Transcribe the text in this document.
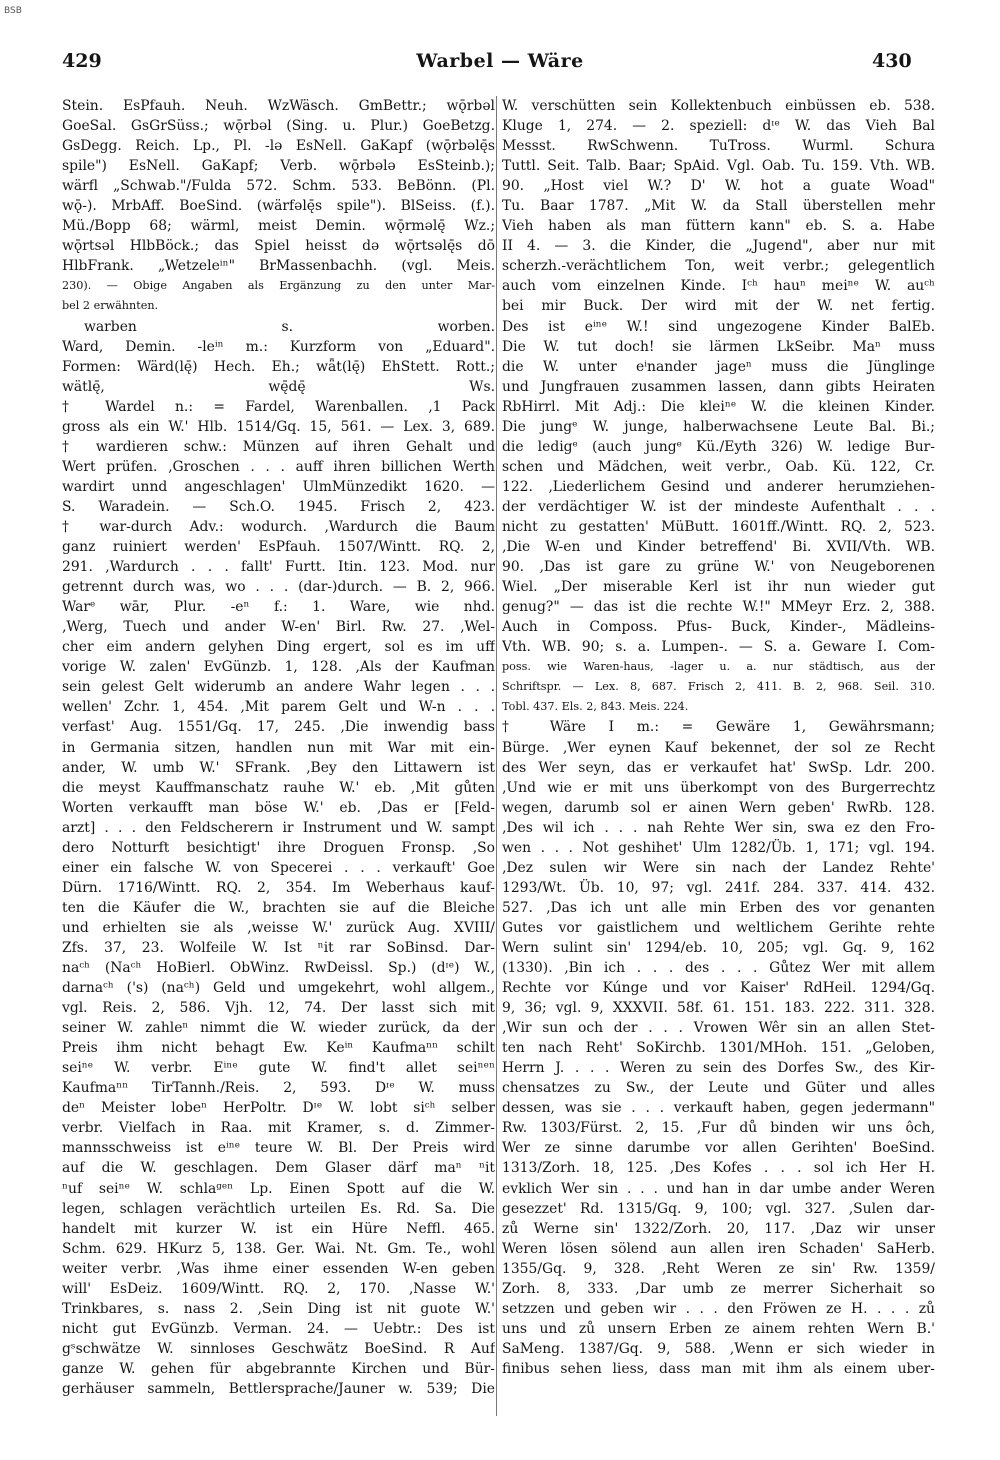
BSB
429	Warbel — Wäre	430
Stein. EsPfauh. Neuh. WzWäsch. GmBettr.; wǭrbəl
GoeSal. GsGrSüss.; wǭrbəl (Sing. u. Plur.) GoeBetzg.
GsDegg. Reich. Lp., Pl. -lə EsNell. GaKapf (wǭrbəlę̄s
spile") EsNell. GaKapf; Verb. wǭrbələ EsSteinb.);
wärfl „Schwab."/Fulda 572. Schm. 533. BeBönn. (Pl.
wǭ-). MrbAff. BoeSind. (wärfəlę̄s spile"). BlSeiss. (f.).
Mü./Bopp 68; wärml, meist Demin. wǭrməlę̄ Wz.;
wǭrtsəl HlbBöck.; das Spiel heisst də wǭrtsəlę̄s dō
HlbFrank. „Wetzeleⁱⁿ" BrMassenbachh. (vgl. Meis.
230). — Obige Angaben als Ergänzung zu den unter Mar-
bel 2 erwähnten.
warben s. worben.
Ward, Demin. -leⁱⁿ m.: Kurzform von „Eduard".
Formen: Wärd(lę̄) Hech. Eh.; wǟt(lę̄) EhStett. Rott.;
wätlę̄, wę̄dę̄ Ws.
† Wardel n.: = Fardel, Warenballen. ‚1 Pack
gross als ein W.' Hlb. 1514/Gq. 15, 561. — Lex. 3, 689.
† wardieren schw.: Münzen auf ihren Gehalt und
Wert prüfen. ‚Groschen . . . auff ihren billichen Werth
wardirt unnd angeschlagen' UlmMünzedikt 1620. —
S. Waradein. — Sch.O. 1945. Frisch 2, 423.
† war-durch Adv.: wodurch. ‚Wardurch die Baum
ganz ruiniert werden' EsPfauh. 1507/Wintt. RQ. 2,
291. ‚Wardurch . . . fallt' Furtt. Itin. 123. Mod. nur
getrennt durch was, wo . . . (dar-)durch. — B. 2, 966.
Warᵉ wār, Plur. -eⁿ f.: 1. Ware, wie nhd.
‚Werg, Tuech und ander W-en' Birl. Rw. 27. ‚Wel-
cher eim andern gelyhen Ding ergert, sol es im uff
vorige W. zalen' EvGünzb. 1, 128. ‚Als der Kaufman
sein gelest Gelt widerumb an andere Wahr legen . . .
wellen' Zchr. 1, 454. ‚Mit parem Gelt und W-n . . .
verfast' Aug. 1551/Gq. 17, 245. ‚Die inwendig bass
in Germania sitzen, handlen nun mit War mit ein-
ander, W. umb W.' SFrank. ‚Bey den Littawern ist
die meyst Kauffmanschatz rauhe W.' eb. ‚Mit gůten
Worten verkaufft man böse W.' eb. ‚Das er [Feld-
arzt] . . . den Feldscherern ir Instrument und W. sampt
dero Notturft besichtigt' ihre Droguen Fronsp. ‚So
einer ein falsche W. von Specerei . . . verkauft' Goe
Dürn. 1716/Wintt. RQ. 2, 354. Im Weberhaus kauf-
ten die Käufer die W., brachten sie auf die Bleiche
und erhielten sie als ‚weisse W.' zurück Aug. XVIII/
Zfs. 37, 23. Wolfeile W. Ist ⁿit rar SoBinsd. Dar-
naᶜʰ (Naᶜʰ HoBierl. ObWinz. RwDeissl. Sp.) (dᶦᵉ) W.,
darnaᶜʰ ('s) (naᶜʰ) Geld und umgekehrt, wohl allgem.,
vgl. Reis. 2, 586. Vjh. 12, 74. Der lasst sich mit
seiner W. zahleⁿ nimmt die W. wieder zurück, da der
Preis ihm nicht behagt Ew. Keⁱⁿ Kaufmaⁿⁿ schilt
seiⁿᵉ W. verbr. Eⁱⁿᵉ gute W. find't allet seiⁿᵉⁿ
Kaufmaⁿⁿ TirTannh./Reis. 2, 593. Dᶦᵉ W. muss
deⁿ Meister lobeⁿ HerPoltr. Dᶦᵉ W. lobt siᶜʰ selber
verbr. Vielfach in Raa. mit Kramer, s. d. Zimmer-
mannsschweiss ist eⁱⁿᵉ teure W. Bl. Der Preis wird
auf die W. geschlagen. Dem Glaser därf maⁿ ⁿit
ⁿuf seiⁿᵉ W. schlaᵍᵉⁿ Lp. Einen Spott auf die W.
legen, schlagen verächtlich urteilen Es. Rd. Sa. Die
handelt mit kurzer W. ist ein Hüre Neffl. 465.
Schm. 629. HKurz 5, 138. Ger. Wai. Nt. Gm. Te., wohl
weiter verbr. ‚Was ihme einer essenden W-en geben
will' EsDeiz. 1609/Wintt. RQ. 2, 170. ‚Nasse W.'
Trinkbares, s. nass 2. ‚Sein Ding ist nit guote W.'
nicht gut EvGünzb. Verman. 24. — Uebtr.: Des ist
gˢschwätze W. sinnloses Geschwätz BoeSind. R Auf
ganze W. gehen für abgebrannte Kirchen und Bür-
gerhäuser sammeln, Bettlersprache/Jauner w. 539; Die
W. verschütten sein Kollektenbuch einbüssen eb. 538.
Kluge 1, 274. — 2. speziell: dᶦᵉ W. das Vieh Bal
Messst. RwSchwenn. TuTross. Wurml. Schura
Tuttl. Seit. Talb. Baar; SpAid. Vgl. Oab. Tu. 159. Vth. WB.
90. „Host viel W.? D' W. hot a guate Woad"
Tu. Baar 1787. „Mit W. da Stall überstellen mehr
Vieh haben als man füttern kann" eb. S. a. Habe
II 4. — 3. die Kinder, die „Jugend", aber nur mit
scherzh.-verächtlichem Ton, weit verbr.; gelegentlich
auch vom einzelnen Kinde. Iᶜʰ hauⁿ meiⁿᵉ W. auᶜʰ
bei mir Buck. Der wird mit der W. net fertig.
Des ist eⁱⁿᵉ W.! sind ungezogene Kinder BalEb.
Die W. tut doch! sie lärmen LkSeibr. Maⁿ muss
die W. unter eⁱnander jageⁿ muss die Jünglinge
und Jungfrauen zusammen lassen, dann gibts Heiraten
RbHirrl. Mit Adj.: Die kleiⁿᵉ W. die kleinen Kinder.
Die jungᵉ W. junge, halberwachsene Leute Bal. Bi.;
die ledigᵉ (auch jungᵉ Kü./Eyth 326) W. ledige Bur-
schen und Mädchen, weit verbr., Oab. Kü. 122, Cr.
122. ‚Liederlichem Gesind und anderer herumziehen-
der verdächtiger W. ist der mindeste Aufenthalt . . .
nicht zu gestatten' MüButt. 1601ff./Wintt. RQ. 2, 523.
‚Die W-en und Kinder betreffend' Bi. XVII/Vth. WB.
90. ‚Das ist gare zu grüne W.' von Neugeborenen
Wiel. „Der miserable Kerl ist ihr nun wieder gut
genug?" — das ist die rechte W.!" MMeyr Erz. 2, 388.
Auch in Composs. Pfus- Buck, Kinder-, Mädleins-
Vth. WB. 90; s. a. Lumpen-. — S. a. Geware I. Com-
poss. wie Waren-haus, -lager u. a. nur städtisch, aus der
Schriftspr. — Lex. 8, 687. Frisch 2, 411. B. 2, 968. Seil. 310.
Tobl. 437. Els. 2, 843. Meis. 224.
† Wäre I m.: = Gewäre 1, Gewährsmann;
Bürge. ‚Wer eynen Kauf bekennet, der sol ze Recht
des Wer seyn, das er verkaufet hat' SwSp. Ldr. 200.
‚Und wie er mit uns überkompt von des Burgerrechtz
wegen, darumb sol er ainen Wern geben' RwRb. 128.
‚Des wil ich . . . nah Rehte Wer sin, swa ez den Fro-
wen . . . Not geshihet' Ulm 1282/Üb. 1, 171; vgl. 194.
‚Dez sulen wir Were sin nach der Landez Rehte'
1293/Wt. Üb. 10, 97; vgl. 241f. 284. 337. 414. 432.
527. ‚Das ich unt alle min Erben des vor genanten
Gutes vor gaistlichem und weltlichem Gerihte rehte
Wern sulint sin' 1294/eb. 10, 205; vgl. Gq. 9, 162
(1330). ‚Bin ich . . . des . . . Gůtez Wer mit allem
Rechte vor Kúnge und vor Kaiser' RdHeil. 1294/Gq.
9, 36; vgl. 9, XXXVII. 58f. 61. 151. 183. 222. 311. 328.
‚Wir sun och der . . . Vrowen Wêr sin an allen Stet-
ten nach Reht' SoKirchb. 1301/MHoh. 151. „Geloben,
Herrn J. . . . Weren zu sein des Dorfes Sw., des Kir-
chensatzes zu Sw., der Leute und Güter und alles
dessen, was sie . . . verkauft haben, gegen jedermann"
Rw. 1303/Fürst. 2, 15. ‚Fur dů binden wir uns ôch,
Wer ze sinne darumbe vor allen Gerihten' BoeSind.
1313/Zorh. 18, 125. ‚Des Kofes . . . sol ich Her H.
evklich Wer sin . . . und han in dar umbe ander Weren
gesezzet' Rd. 1315/Gq. 9, 100; vgl. 327. ‚Sulen dar-
zů Werne sin' 1322/Zorh. 20, 117. ‚Daz wir unser
Weren lösen sölend aun allen iren Schaden' SaHerb.
1355/Gq. 9, 328. ‚Reht Weren ze sin' Rw. 1359/
Zorh. 8, 333. ‚Dar umb ze merrer Sicherhait so
setzzen und geben wir . . . den Fröwen ze H. . . . zů
uns und zů unsern Erben ze ainem rehten Wern B.'
SaMeng. 1387/Gq. 9, 588. ‚Wenn er sich wieder in
finibus sehen liess, dass man mit ihm als einem uber-
